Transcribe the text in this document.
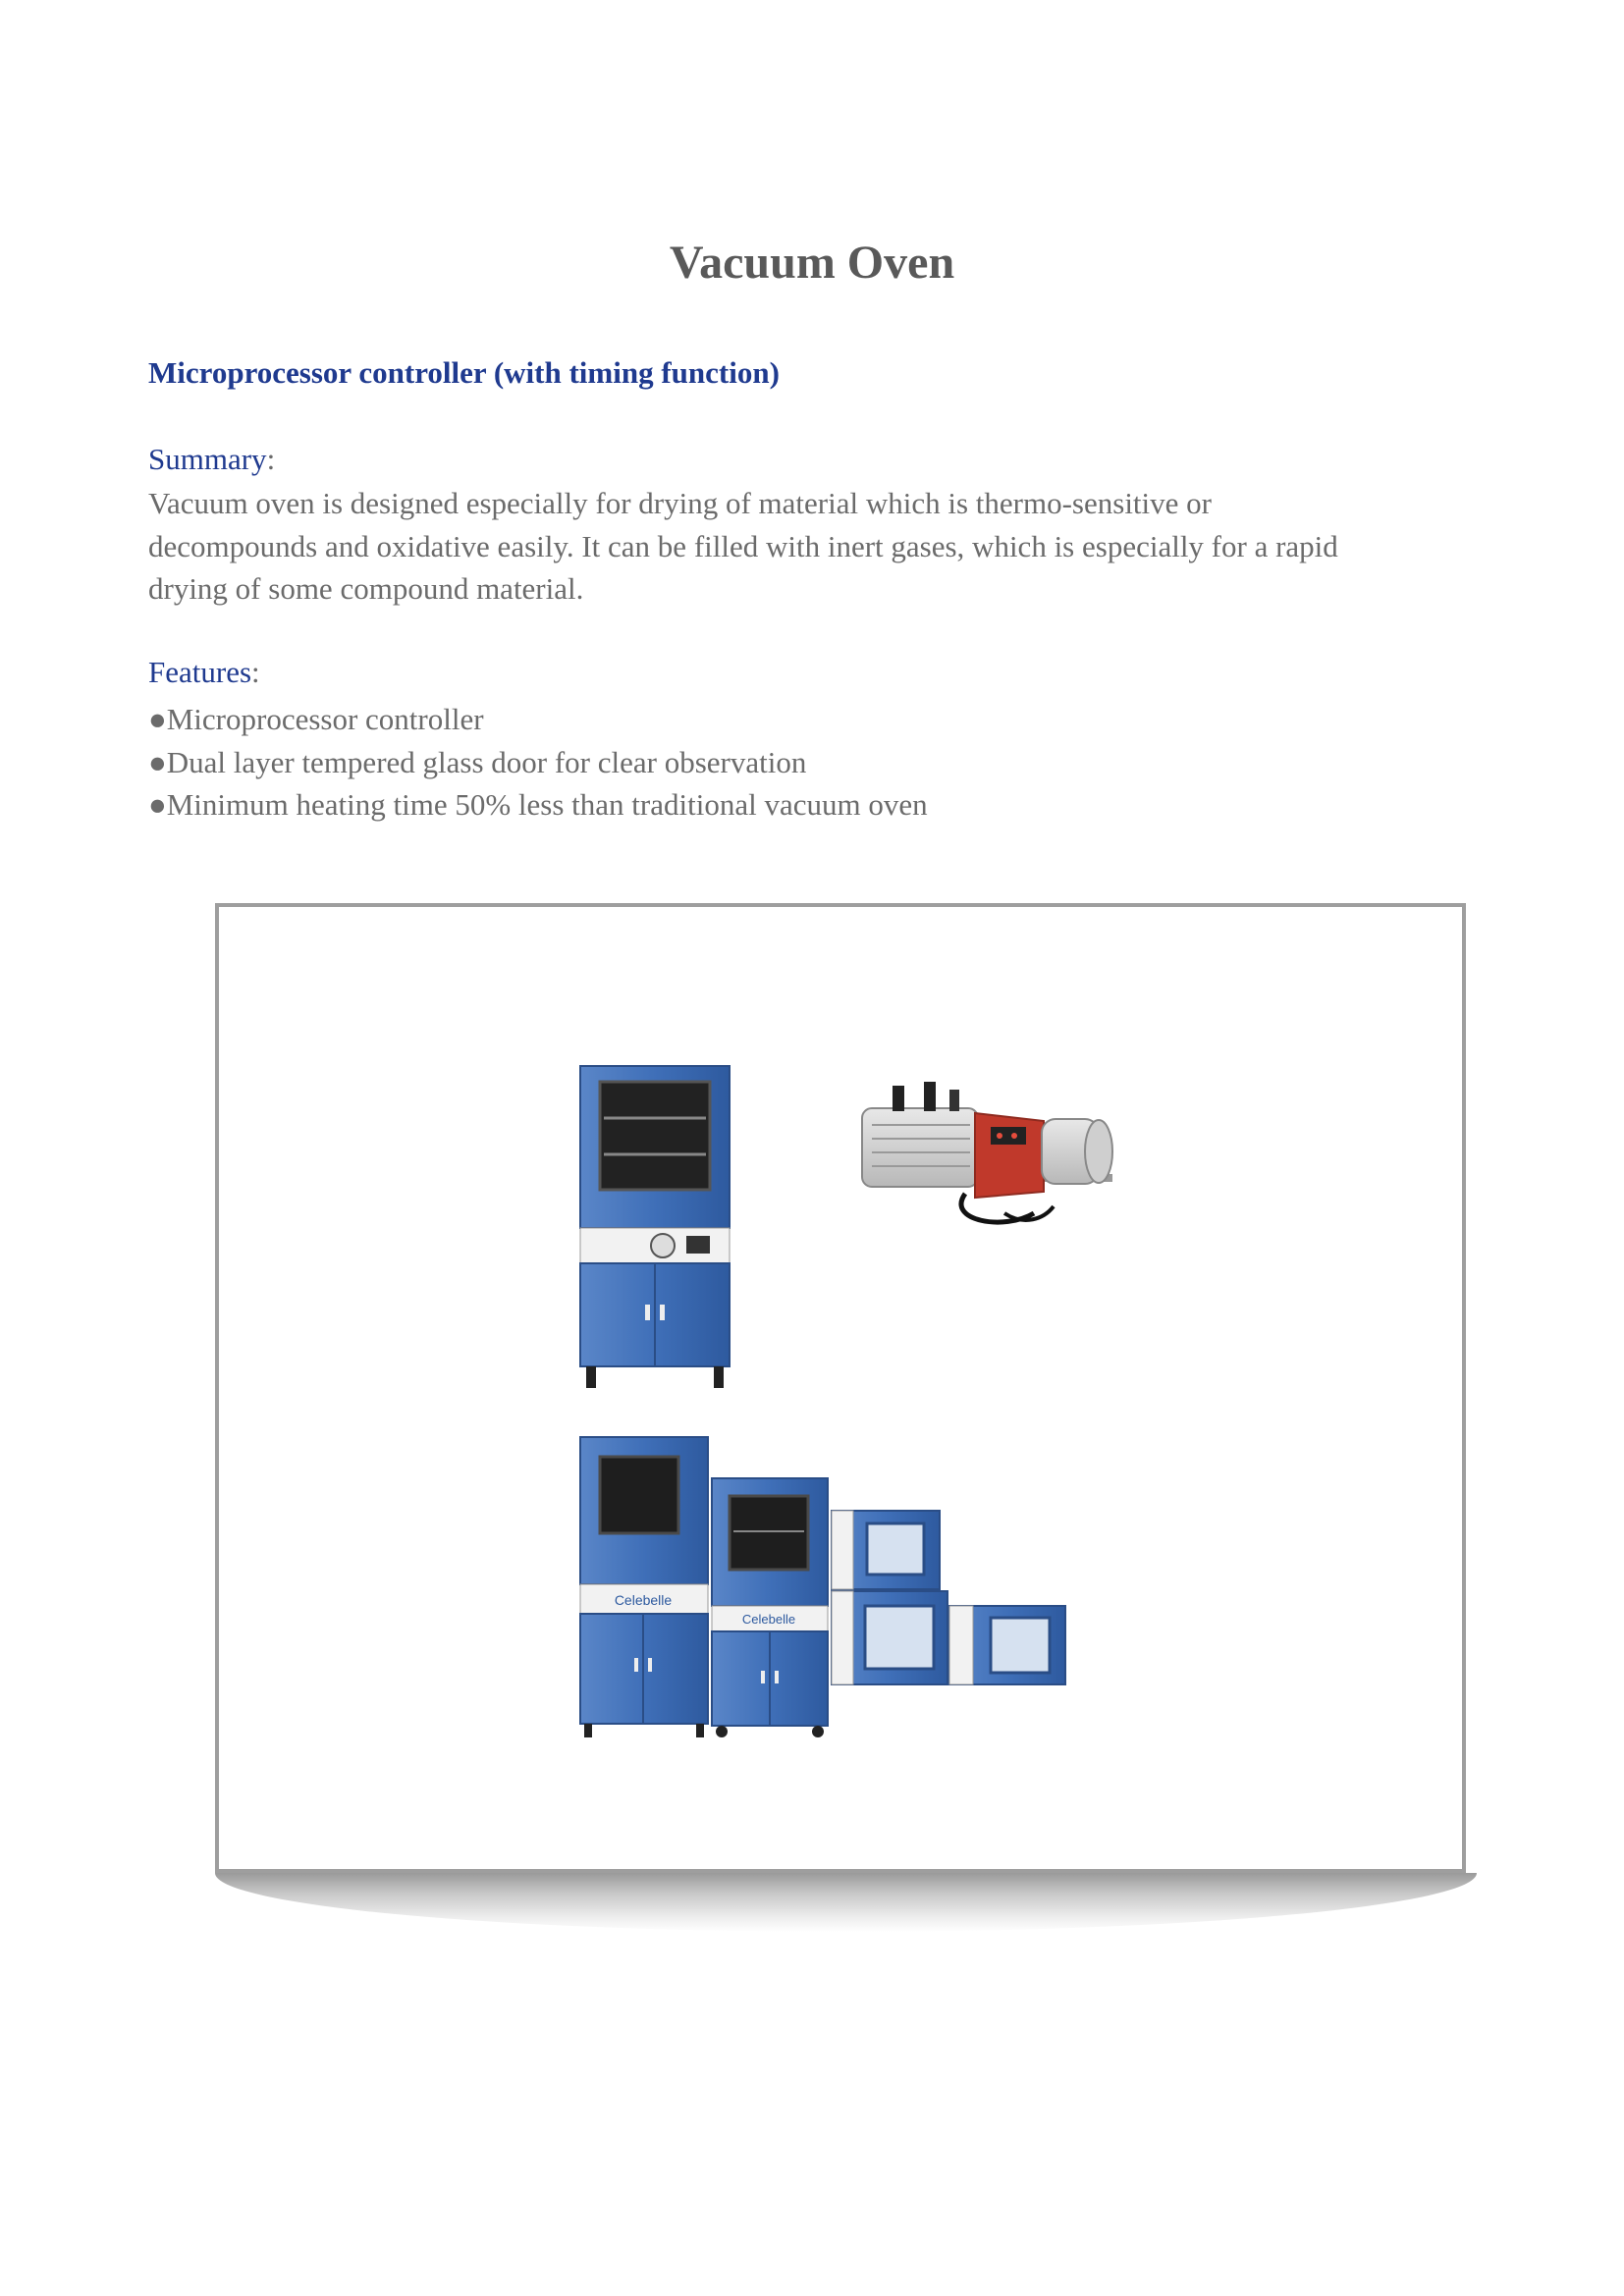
Vacuum Oven
Microprocessor controller (with timing function)

Summary:

Vacuum oven is designed especially for drying of material which is thermo-sensitive or
decompounds and oxidative easily. It can be filled with inert gases, which is especially for a rapid
drying of some compound material.

Features:

●Microprocessor controller
●Dual layer tempered glass door for clear observation
●Minimum heating time 50% less than traditional vacuum oven
Celebelle
Celebelle
